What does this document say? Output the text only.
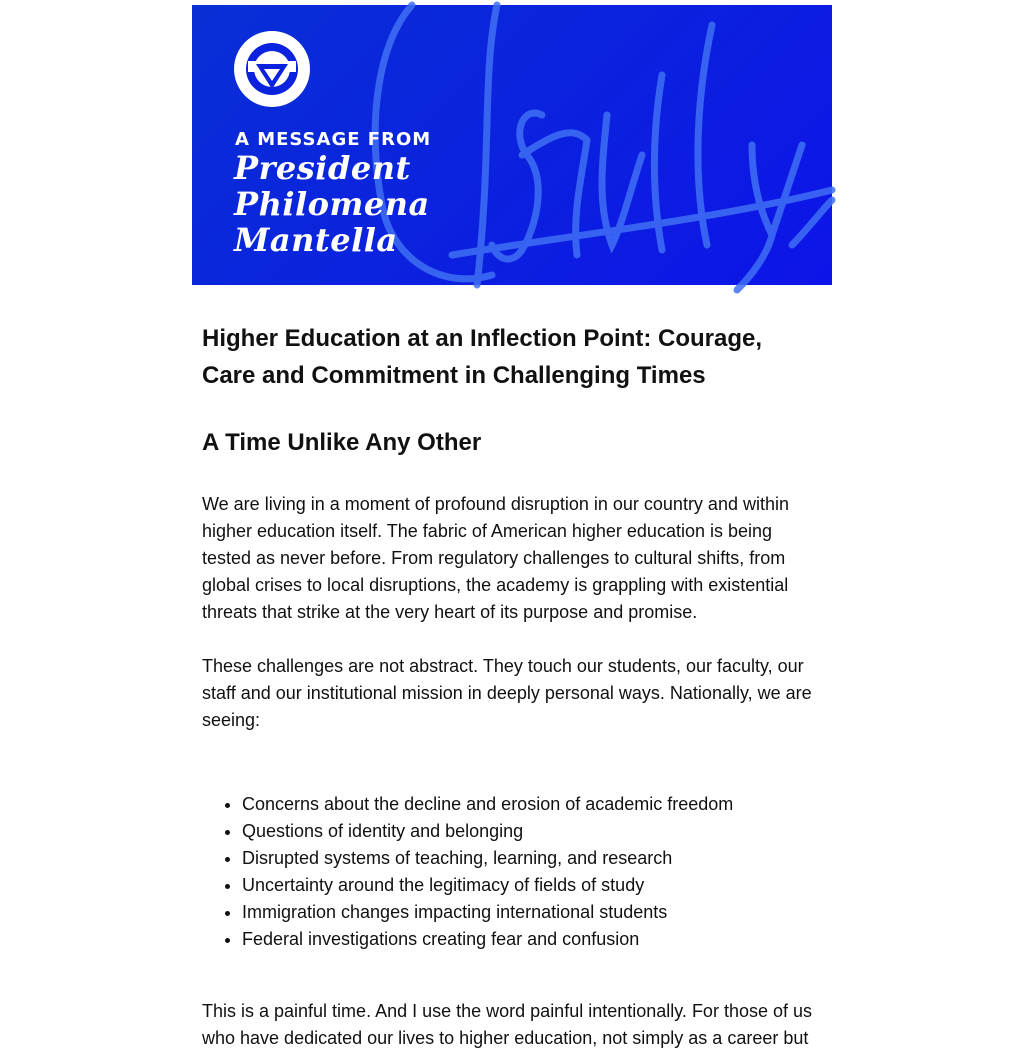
A MESSAGE FROM
President
Philomena
Mantella
Higher Education at an Inflection Point: Courage, Care and Commitment in Challenging Times
A Time Unlike Any Other

We are living in a moment of profound disruption in our country and within higher education itself. The fabric of American higher education is being tested as never before. From regulatory challenges to cultural shifts, from global crises to local disruptions, the academy is grappling with existential threats that strike at the very heart of its purpose and promise.

These challenges are not abstract. They touch our students, our faculty, our staff and our institutional mission in deeply personal ways. Nationally, we are seeing:

• Concerns about the decline and erosion of academic freedom
• Questions of identity and belonging
• Disrupted systems of teaching, learning, and research
• Uncertainty around the legitimacy of fields of study
• Immigration changes impacting international students
• Federal investigations creating fear and confusion

This is a painful time. And I use the word painful intentionally. For those of us who have dedicated our lives to higher education, not simply as a career but
